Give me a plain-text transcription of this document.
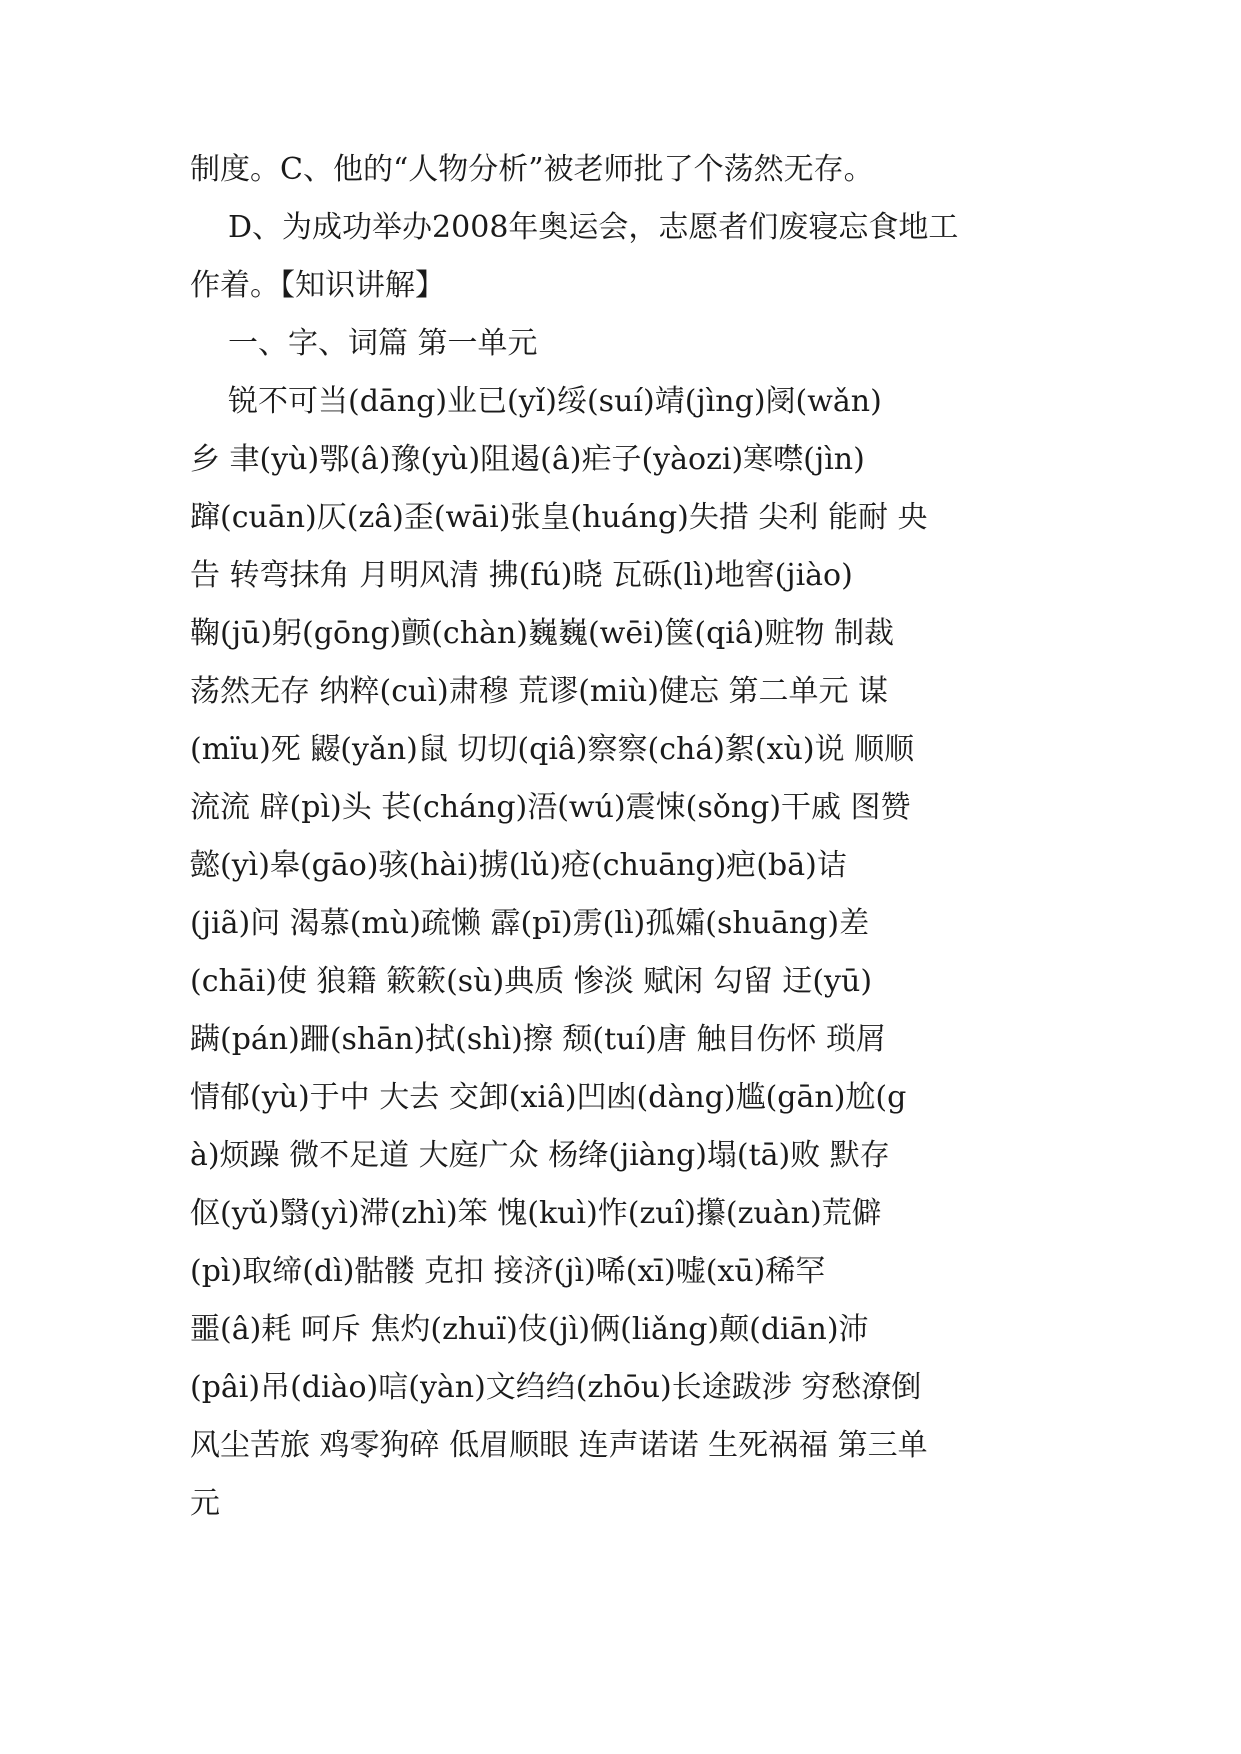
制度。C、他的“人物分析”被老师批了个荡然无存。
D、为成功举办2008年奥运会，志愿者们废寝忘食地工
作着。【知识讲解】
一、字、词篇 第一单元
锐不可当(dāng)业已(yǐ)绥(suí)靖(jìng)阌(wǎn)
乡 聿(yù)鄂(â)豫(yù)阻遏(â)疟子(yàozi)寒噤(jìn)
蹿(cuān)仄(zâ)歪(wāi)张皇(huáng)失措 尖利 能耐 央
告 转弯抹角 月明风清 拂(fú)晓 瓦砾(lì)地窖(jiào)
鞠(jū)躬(gōng)颤(chàn)巍巍(wēi)箧(qiâ)赃物 制裁
荡然无存 纳粹(cuì)肃穆 荒谬(miù)健忘 第二单元 谋
(mïu)死 鼹(yǎn)鼠 切切(qiâ)察察(chá)絮(xù)说 顺顺
流流 辟(pì)头 苌(cháng)浯(wú)震悚(sǒng)干戚 图赞
懿(yì)皋(gāo)骇(hài)掳(lǔ)疮(chuāng)疤(bā)诘
(jiã)问 渴慕(mù)疏懒 霹(pī)雳(lì)孤孀(shuāng)差
(chāi)使 狼籍 簌簌(sù)典质 惨淡 赋闲 勾留 迂(yū)
蹒(pán)跚(shān)拭(shì)擦 颓(tuí)唐 触目伤怀 琐屑
情郁(yù)于中 大去 交卸(xiâ)凹凼(dàng)尴(gān)尬(g
à)烦躁 微不足道 大庭广众 杨绛(jiàng)塌(tā)败 默存
伛(yǔ)翳(yì)滞(zhì)笨 愧(kuì)怍(zuî)攥(zuàn)荒僻
(pì)取缔(dì)骷髅 克扣 接济(jì)唏(xī)嘘(xū)稀罕
噩(â)耗 呵斥 焦灼(zhuï)伎(jì)俩(liǎng)颠(diān)沛
(pâi)吊(diào)唁(yàn)文绉绉(zhōu)长途跋涉 穷愁潦倒
风尘苦旅 鸡零狗碎 低眉顺眼 连声诺诺 生死祸福 第三单
元
